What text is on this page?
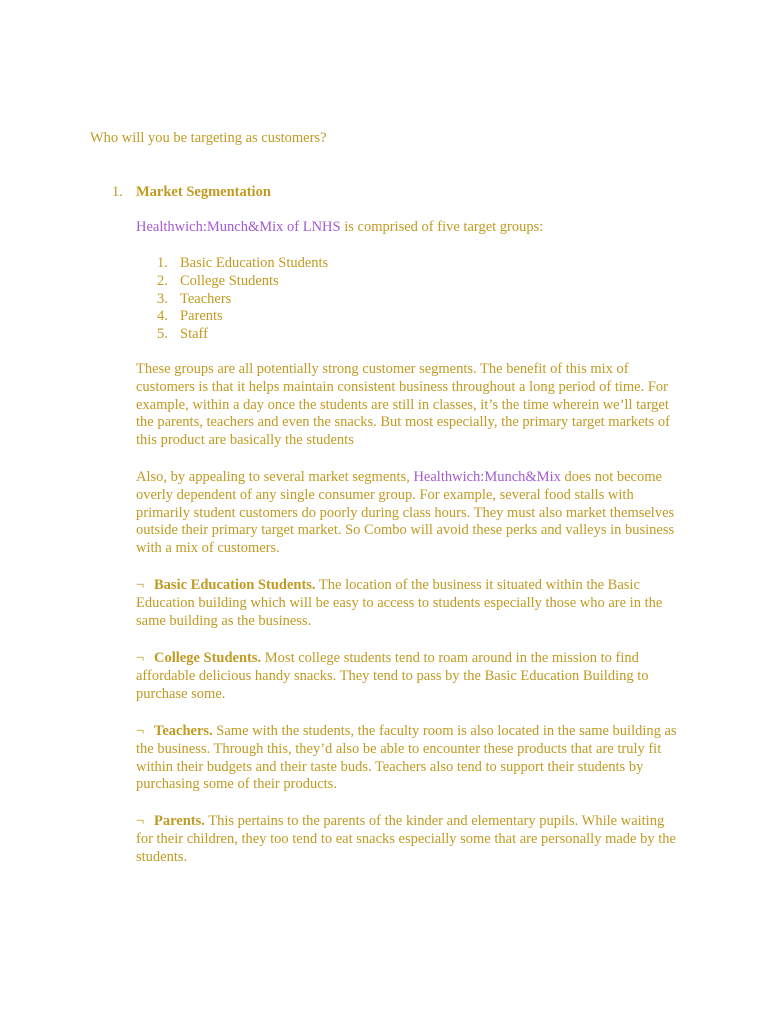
Who will you be targeting as customers?
1. Market Segmentation
Healthwich:Munch&Mix of LNHS is comprised of five target groups:
1. Basic Education Students
2. College Students
3. Teachers
4. Parents
5. Staff
These groups are all potentially strong customer segments. The benefit of this mix of customers is that it helps maintain consistent business throughout a long period of time. For example, within a day once the students are still in classes, it’s the time wherein we’ll target the parents, teachers and even the snacks. But most especially, the primary target markets of this product are basically the students
Also, by appealing to several market segments, Healthwich:Munch&Mix does not become overly dependent of any single consumer group. For example, several food stalls with primarily student customers do poorly during class hours. They must also market themselves outside their primary target market. So Combo will avoid these perks and valleys in business with a mix of customers.
¬ Basic Education Students. The location of the business it situated within the Basic Education building which will be easy to access to students especially those who are in the same building as the business.
¬ College Students. Most college students tend to roam around in the mission to find affordable delicious handy snacks. They tend to pass by the Basic Education Building to purchase some.
¬ Teachers. Same with the students, the faculty room is also located in the same building as the business. Through this, they’d also be able to encounter these products that are truly fit within their budgets and their taste buds. Teachers also tend to support their students by purchasing some of their products.
¬ Parents. This pertains to the parents of the kinder and elementary pupils. While waiting for their children, they too tend to eat snacks especially some that are personally made by the students.
